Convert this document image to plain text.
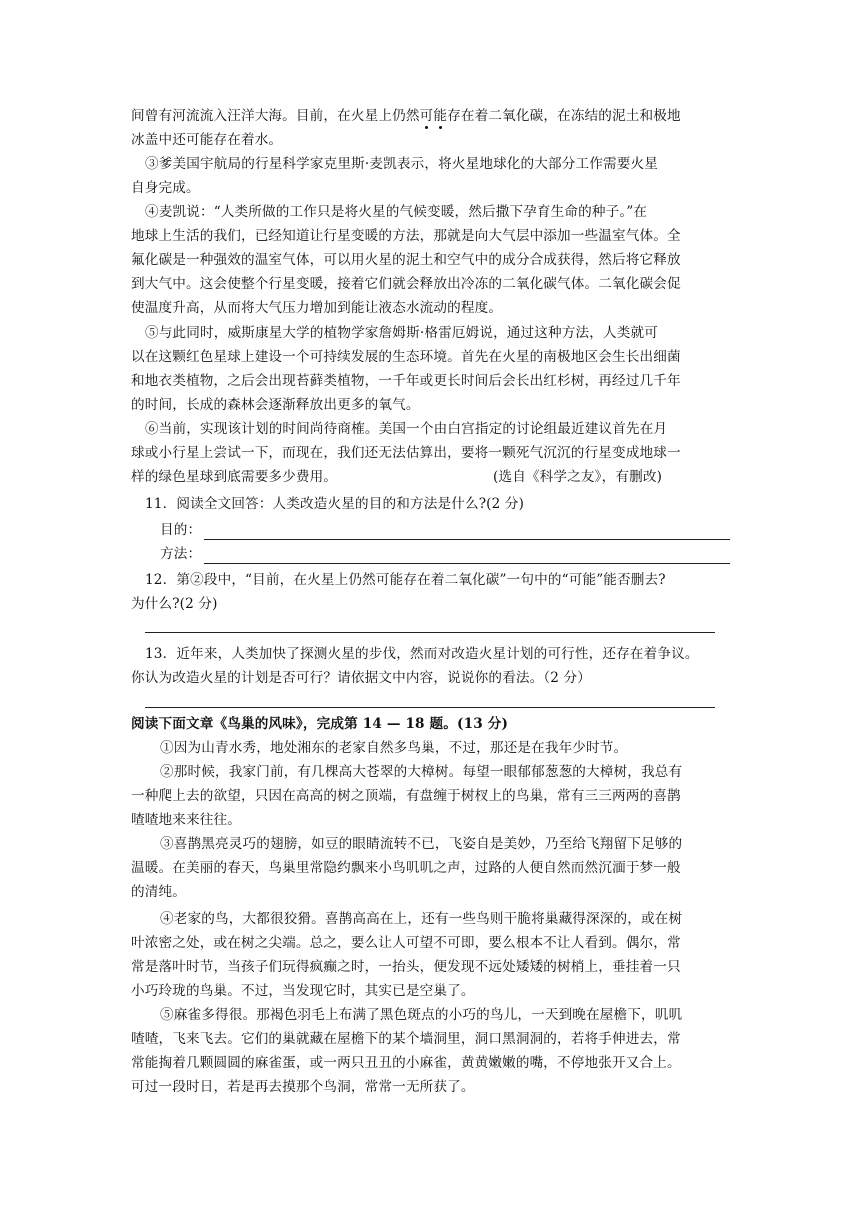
间曾有河流流入汪洋大海。目前，在火星上仍然可能存在着二氧化碳，在冻结的泥土和极地
冰盖中还可能存在着水。
③爹美国宇航局的行星科学家克里斯·麦凯表示，将火星地球化的大部分工作需要火星
自身完成。
④麦凯说：“人类所做的工作只是将火星的气候变暖，然后撒下孕育生命的种子。”在
地球上生活的我们，已经知道让行星变暖的方法，那就是向大气层中添加一些温室气体。全
氟化碳是一种强效的温室气体，可以用火星的泥土和空气中的成分合成获得，然后将它释放
到大气中。这会使整个行星变暖，接着它们就会释放出冷冻的二氧化碳气体。二氧化碳会促
使温度升高，从而将大气压力增加到能让液态水流动的程度。
⑤与此同时，威斯康星大学的植物学家詹姆斯·格雷厄姆说，通过这种方法，人类就可
以在这颗红色星球上建设一个可持续发展的生态环境。首先在火星的南极地区会生长出细菌
和地衣类植物，之后会出现苔藓类植物，一千年或更长时间后会长出红杉树，再经过几千年
的时间，长成的森林会逐渐释放出更多的氧气。
⑥当前，实现该计划的时间尚待商榷。美国一个由白宫指定的讨论组最近建议首先在月
球或小行星上尝试一下，而现在，我们还无法估算出，要将一颗死气沉沉的行星变成地球一
样的绿色星球到底需要多少费用。	(选自《科学之友》，有删改)
11．阅读全文回答：人类改造火星的目的和方法是什么?(2 分)
目的：
方法：
12．第②段中，“目前，在火星上仍然可能存在着二氧化碳”一句中的“可能”能否删去?
为什么?(2 分)
13．近年来，人类加快了探测火星的步伐，然而对改造火星计划的可行性，还存在着争议。
你认为改造火星的计划是否可行？请依据文中内容，说说你的看法。（2 分）
阅读下面文章《鸟巢的风味》，完成第 14 — 18 题。(13 分)
①因为山青水秀，地处湘东的老家自然多鸟巢，不过，那还是在我年少时节。
②那时候，我家门前，有几棵高大苍翠的大樟树。每望一眼郁郁葱葱的大樟树，我总有
一种爬上去的欲望，只因在高高的树之顶端，有盘缠于树杈上的鸟巢，常有三三两两的喜鹊
喳喳地来来往往。
③喜鹊黑亮灵巧的翅膀，如豆的眼睛流转不已，飞姿自是美妙，乃至给飞翔留下足够的
温暖。在美丽的春天，鸟巢里常隐约飘来小鸟叽叽之声，过路的人便自然而然沉湎于梦一般
的清纯。
④老家的鸟，大都很狡猾。喜鹊高高在上，还有一些鸟则干脆将巢藏得深深的，或在树
叶浓密之处，或在树之尖端。总之，要么让人可望不可即，要么根本不让人看到。偶尔，常
常是落叶时节，当孩子们玩得疯癫之时，一抬头，便发现不远处矮矮的树梢上，垂挂着一只
小巧玲珑的鸟巢。不过，当发现它时，其实已是空巢了。
⑤麻雀多得很。那褐色羽毛上布满了黑色斑点的小巧的鸟儿，一天到晚在屋檐下，叽叽
喳喳，飞来飞去。它们的巢就藏在屋檐下的某个墙洞里，洞口黑洞洞的，若将手伸进去，常
常能掏着几颗圆圆的麻雀蛋，或一两只丑丑的小麻雀，黄黄嫩嫩的嘴，不停地张开又合上。
可过一段时日，若是再去摸那个鸟洞，常常一无所获了。
